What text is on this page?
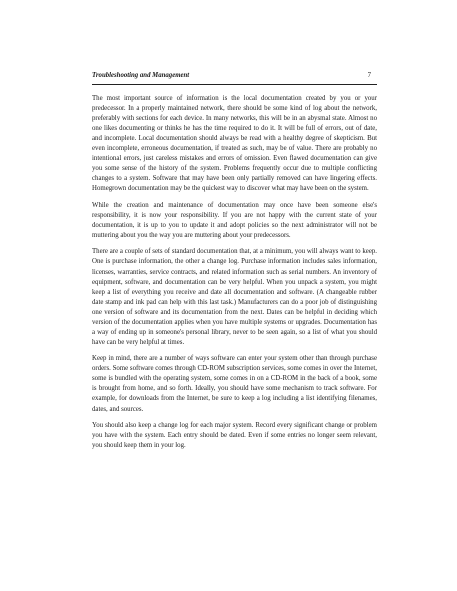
Troubleshooting and Management	7

The most important source of information is the local documentation created by you or your predecessor. In a properly maintained network, there should be some kind of log about the network, preferably with sections for each device. In many networks, this will be in an abysmal state. Almost no one likes documenting or thinks he has the time required to do it. It will be full of errors, out of date, and incomplete. Local documentation should always be read with a healthy degree of skepticism. But even incomplete, erroneous documentation, if treated as such, may be of value. There are probably no intentional errors, just careless mistakes and errors of omission. Even flawed documentation can give you some sense of the history of the system. Problems frequently occur due to multiple conflicting changes to a system. Software that may have been only partially removed can have lingering effects. Homegrown documentation may be the quickest way to discover what may have been on the system.

While the creation and maintenance of documentation may once have been someone else's responsibility, it is now your responsibility. If you are not happy with the current state of your documentation, it is up to you to update it and adopt policies so the next administrator will not be muttering about you the way you are muttering about your predecessors.

There are a couple of sets of standard documentation that, at a minimum, you will always want to keep. One is purchase information, the other a change log. Purchase information includes sales information, licenses, warranties, service contracts, and related information such as serial numbers. An inventory of equipment, software, and documentation can be very helpful. When you unpack a system, you might keep a list of everything you receive and date all documentation and software. (A changeable rubber date stamp and ink pad can help with this last task.) Manufacturers can do a poor job of distinguishing one version of software and its documentation from the next. Dates can be helpful in deciding which version of the documentation applies when you have multiple systems or upgrades. Documentation has a way of ending up in someone's personal library, never to be seen again, so a list of what you should have can be very helpful at times.

Keep in mind, there are a number of ways software can enter your system other than through purchase orders. Some software comes through CD-ROM subscription services, some comes in over the Internet, some is bundled with the operating system, some comes in on a CD-ROM in the back of a book, some is brought from home, and so forth. Ideally, you should have some mechanism to track software. For example, for downloads from the Internet, be sure to keep a log including a list identifying filenames, dates, and sources.

You should also keep a change log for each major system. Record every significant change or problem you have with the system. Each entry should be dated. Even if some entries no longer seem relevant, you should keep them in your log.
